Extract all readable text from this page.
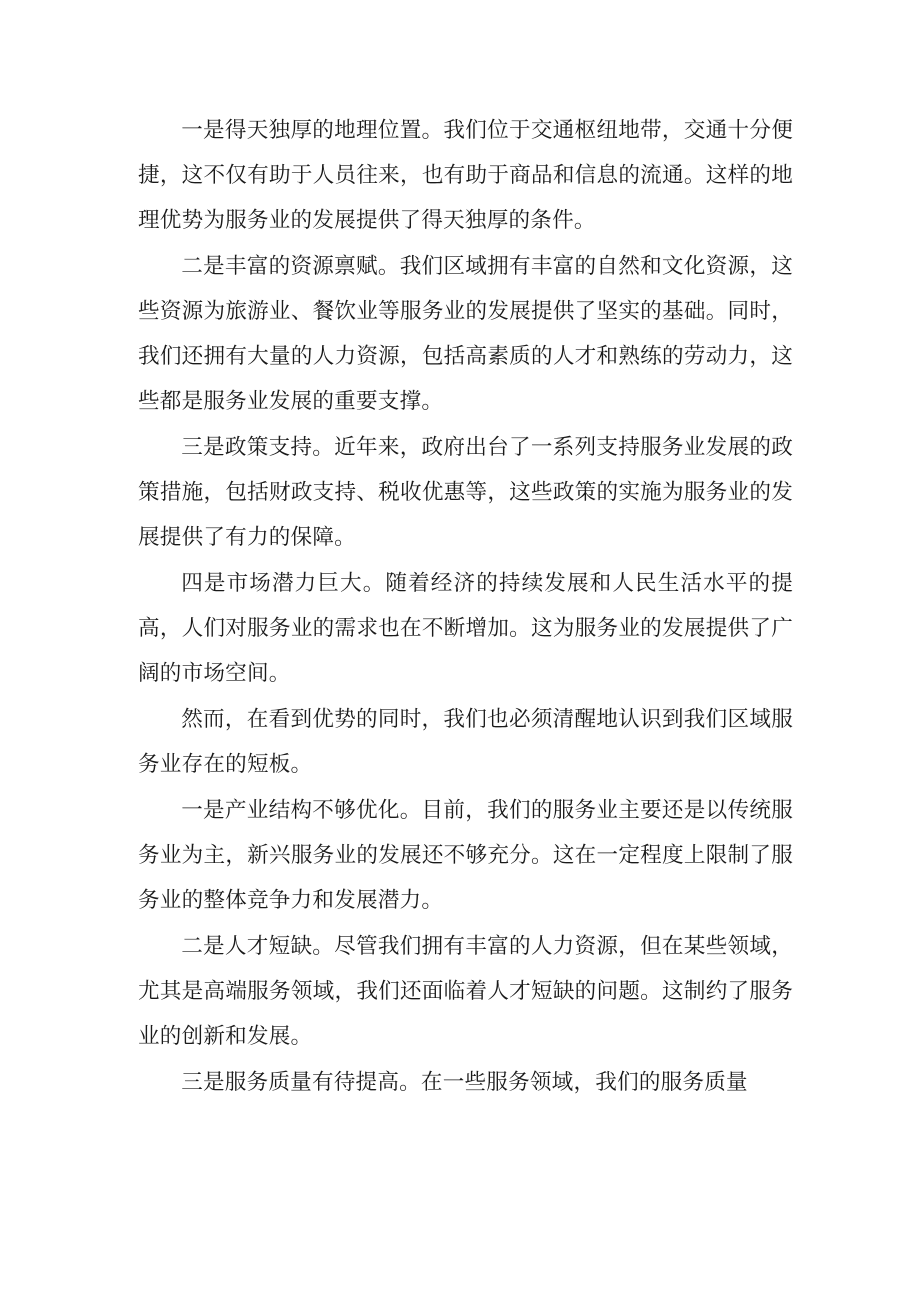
一是得天独厚的地理位置。我们位于交通枢纽地带，交通十分便捷，这不仅有助于人员往来，也有助于商品和信息的流通。这样的地理优势为服务业的发展提供了得天独厚的条件。

二是丰富的资源禀赋。我们区域拥有丰富的自然和文化资源，这些资源为旅游业、餐饮业等服务业的发展提供了坚实的基础。同时，我们还拥有大量的人力资源，包括高素质的人才和熟练的劳动力，这些都是服务业发展的重要支撑。

三是政策支持。近年来，政府出台了一系列支持服务业发展的政策措施，包括财政支持、税收优惠等，这些政策的实施为服务业的发展提供了有力的保障。

四是市场潜力巨大。随着经济的持续发展和人民生活水平的提高，人们对服务业的需求也在不断增加。这为服务业的发展提供了广阔的市场空间。

然而，在看到优势的同时，我们也必须清醒地认识到我们区域服务业存在的短板。

一是产业结构不够优化。目前，我们的服务业主要还是以传统服务业为主，新兴服务业的发展还不够充分。这在一定程度上限制了服务业的整体竞争力和发展潜力。

二是人才短缺。尽管我们拥有丰富的人力资源，但在某些领域，尤其是高端服务领域，我们还面临着人才短缺的问题。这制约了服务业的创新和发展。

三是服务质量有待提高。在一些服务领域，我们的服务质量
